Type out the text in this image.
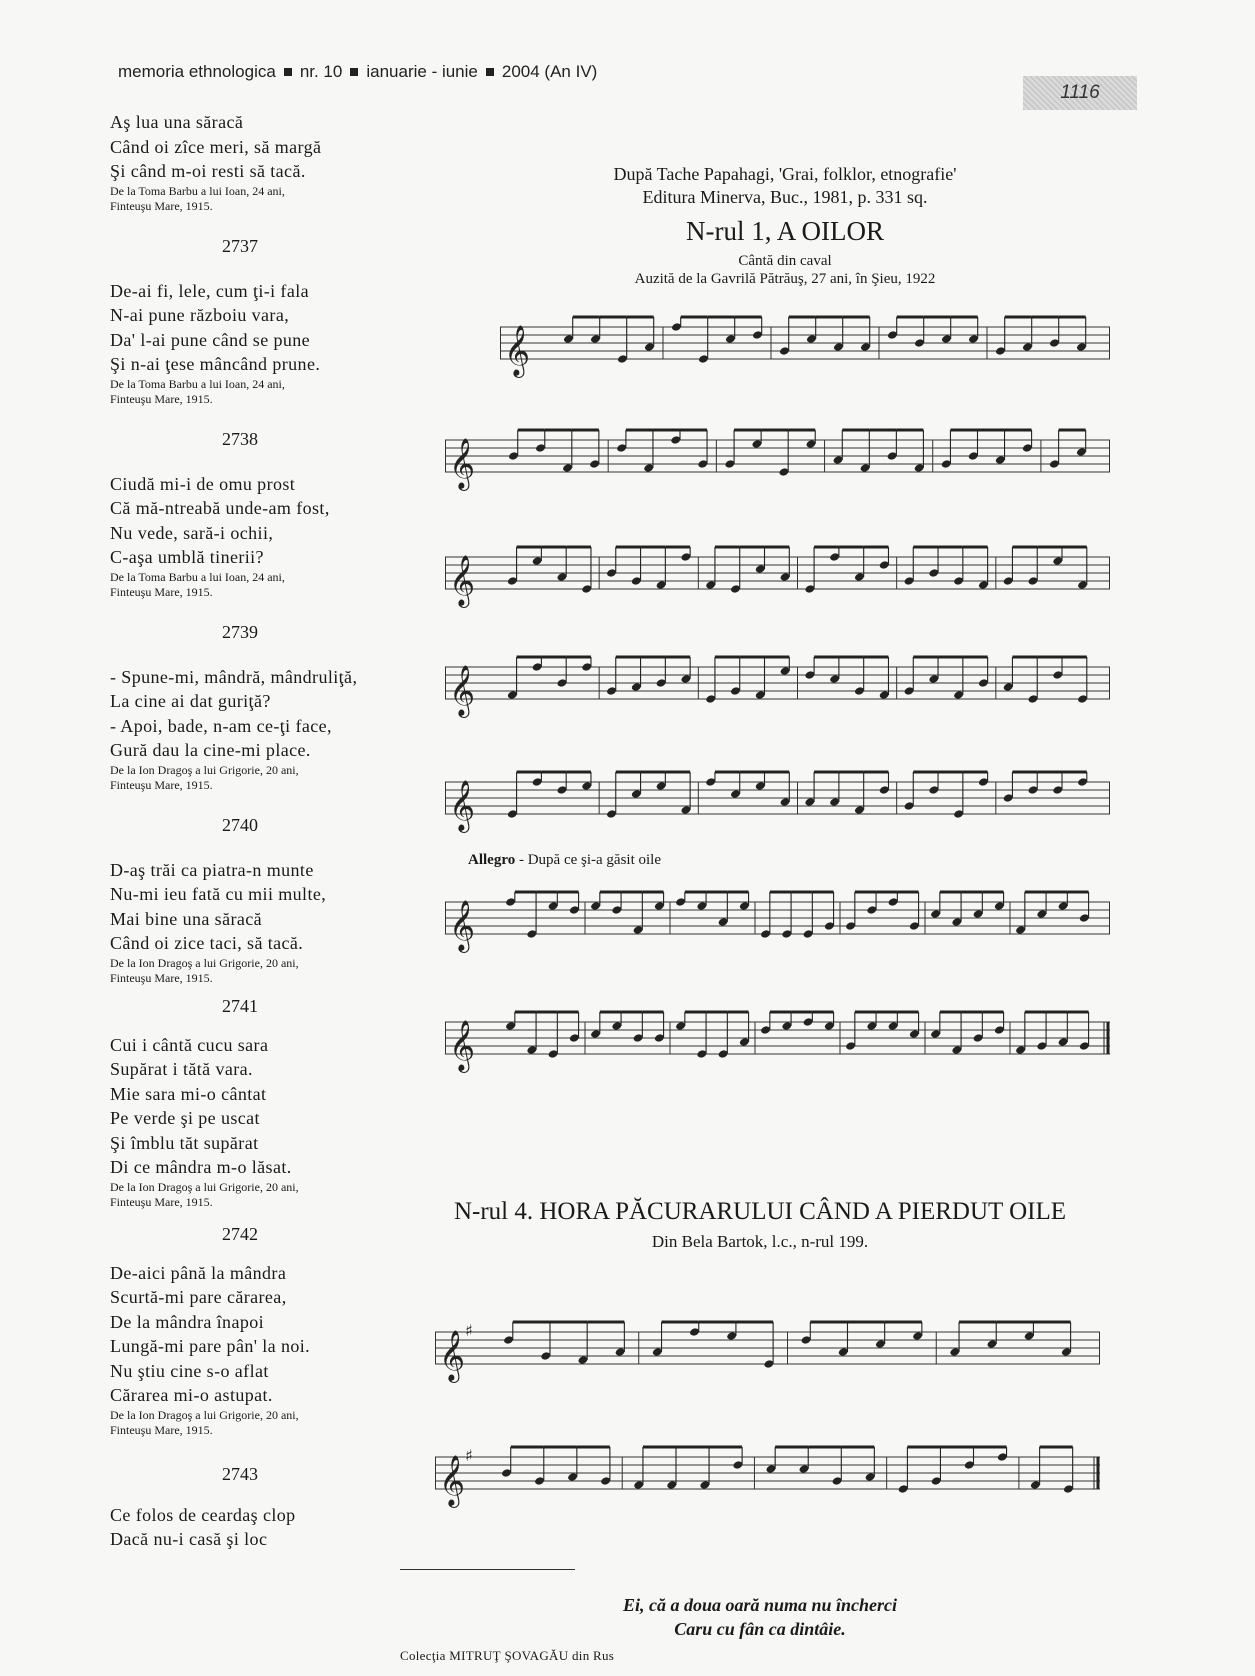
memoria ethnologica nr. 10 ianuarie - iunie 2004 (An IV)
1116
Aş lua una săracă
Când oi zîce meri, să margă
Şi când m-oi resti să tacă.
De la Toma Barbu a lui Ioan, 24 ani,
Finteuşu Mare, 1915.
2737
De-ai fi, lele, cum ţi-i fala
N-ai pune războiu vara,
Da' l-ai pune când se pune
Şi n-ai ţese mâncând prune.
De la Toma Barbu a lui Ioan, 24 ani,
Finteuşu Mare, 1915.
2738
Ciudă mi-i de omu prost
Că mă-ntreabă unde-am fost,
Nu vede, sară-i ochii,
C-aşa umblă tinerii?
De la Toma Barbu a lui Ioan, 24 ani,
Finteuşu Mare, 1915.
2739
- Spune-mi, mândră, mândruliţă,
La cine ai dat guriţă?
- Apoi, bade, n-am ce-ţi face,
Gură dau la cine-mi place.
De la Ion Dragoş a lui Grigorie, 20 ani,
Finteuşu Mare, 1915.
2740
D-aş trăi ca piatra-n munte
Nu-mi ieu fată cu mii multe,
Mai bine una săracă
Când oi zice taci, să tacă.
De la Ion Dragoş a lui Grigorie, 20 ani,
Finteuşu Mare, 1915.
2741
Cui i cântă cucu sara
Supărat i tătă vara.
Mie sara mi-o cântat
Pe verde şi pe uscat
Şi îmblu tăt supărat
Di ce mândra m-o lăsat.
De la Ion Dragoş a lui Grigorie, 20 ani,
Finteuşu Mare, 1915.
2742
De-aici până la mândra
Scurtă-mi pare cărarea,
De la mândra înapoi
Lungă-mi pare pân' la noi.
Nu ştiu cine s-o aflat
Cărarea mi-o astupat.
De la Ion Dragoş a lui Grigorie, 20 ani,
Finteuşu Mare, 1915.
2743
Ce folos de ceardaş clop
Dacă nu-i casă şi loc
După Tache Papahagi, 'Grai, folklor, etnografie'
Editura Minerva, Buc., 1981, p. 331 sq.
N-rul 1, A OILOR
Cântă din caval
Auzită de la Gavrilă Pătrăuş, 27 ani, în Şieu, 1922
𝄞
𝄞
𝄞
𝄞
𝄞
Allegro - După ce şi-a găsit oile
𝄞
𝄞
N-rul 4. HORA PĂCURARULUI CÂND A PIERDUT OILE
Din Bela Bartok, l.c., n-rul 199.
𝄞 ♯
𝄞 ♯
Ei, că a doua oară numa nu încherci
Caru cu fân ca dintâie.
Colecţia MITRUŢ ŞOVAGĂU din Rus
